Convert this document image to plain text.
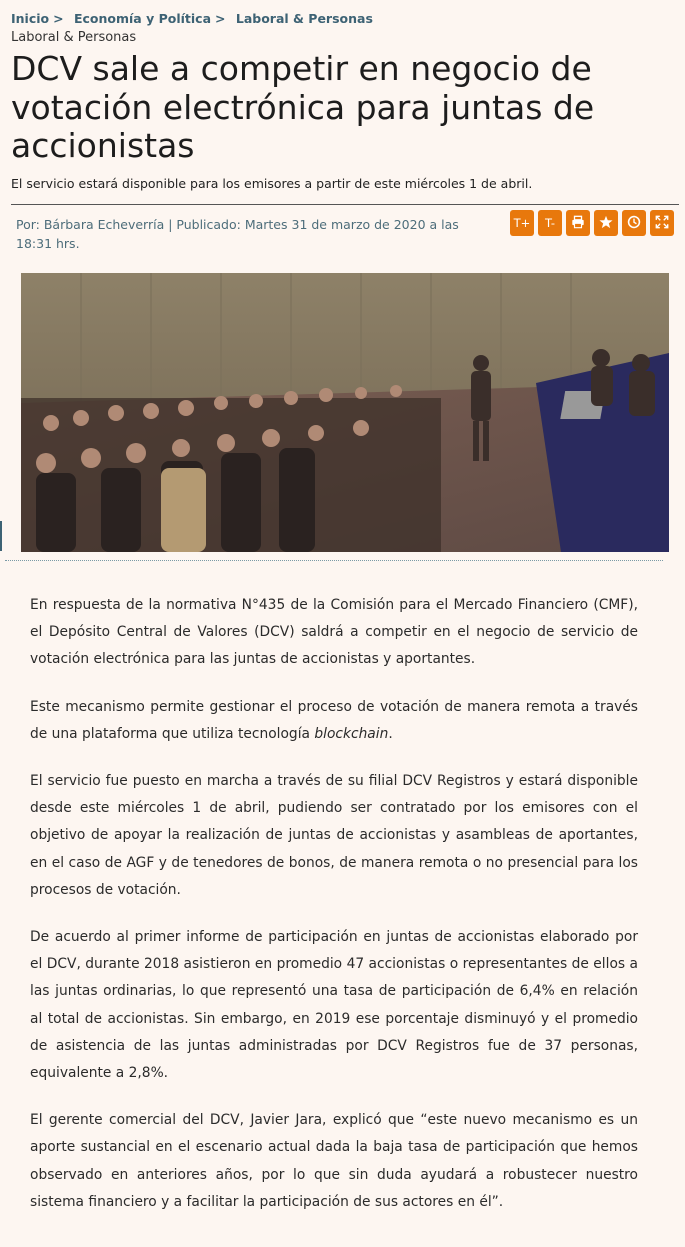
Inicio > Economía y Política > Laboral & Personas
Laboral & Personas
DCV sale a competir en negocio de votación electrónica para juntas de accionistas
El servicio estará disponible para los emisores a partir de este miércoles 1 de abril.
Por: Bárbara Echeverría | Publicado: Martes 31 de marzo de 2020 a las 18:31 hrs.
T+	T-

En respuesta de la normativa N°435 de la Comisión para el Mercado Financiero (CMF), el Depósito Central de Valores (DCV) saldrá a competir en el negocio de servicio de votación electrónica para las juntas de accionistas y aportantes.

Este mecanismo permite gestionar el proceso de votación de manera remota a través de una plataforma que utiliza tecnología blockchain.

El servicio fue puesto en marcha a través de su filial DCV Registros y estará disponible desde este miércoles 1 de abril, pudiendo ser contratado por los emisores con el objetivo de apoyar la realización de juntas de accionistas y asambleas de aportantes, en el caso de AGF y de tenedores de bonos, de manera remota o no presencial para los procesos de votación.

De acuerdo al primer informe de participación en juntas de accionistas elaborado por el DCV, durante 2018 asistieron en promedio 47 accionistas o representantes de ellos a las juntas ordinarias, lo que representó una tasa de participación de 6,4% en relación al total de accionistas. Sin embargo, en 2019 ese porcentaje disminuyó y el promedio de asistencia de las juntas administradas por DCV Registros fue de 37 personas, equivalente a 2,8%.

El gerente comercial del DCV, Javier Jara, explicó que “este nuevo mecanismo es un aporte sustancial en el escenario actual dada la baja tasa de participación que hemos observado en anteriores años, por lo que sin duda ayudará a robustecer nuestro sistema financiero y a facilitar la participación de sus actores en él”.
